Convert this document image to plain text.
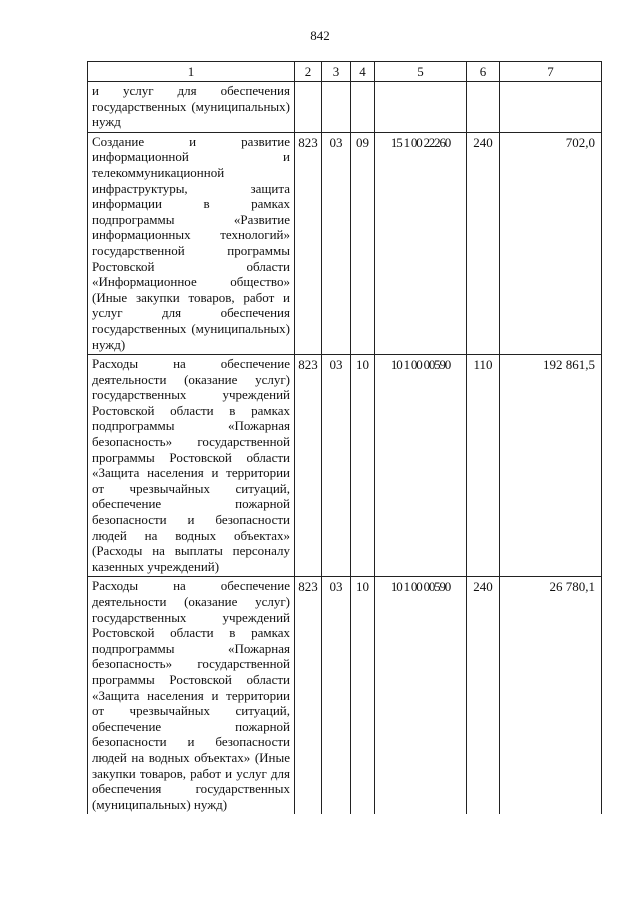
842
1	2	3	4	5	6	7
и услуг для обеспечения государственных (муниципальных) нужд						
Создание и развитие информационной и телекоммуникационной инфраструктуры, защита информации в рамках подпрограммы «Развитие информационных технологий» государственной программы Ростовской области «Информационное общество» (Иные закупки товаров, работ и услуг для обеспечения государственных (муниципальных) нужд)	823	03	09	15 1 00 22260	240	702,0
Расходы на обеспечение деятельности (оказание услуг) государственных учреждений Ростовской области в рамках подпрограммы «Пожарная безопасность» государственной программы Ростовской области «Защита населения и территории от чрезвычайных ситуаций, обеспечение пожарной безопасности и безопасности людей на водных объектах» (Расходы на выплаты персоналу казенных учреждений)	823	03	10	10 1 00 00590	110	192 861,5
Расходы на обеспечение деятельности (оказание услуг) государственных учреждений Ростовской области в рамках подпрограммы «Пожарная безопасность» государственной программы Ростовской области «Защита населения и территории от чрезвычайных ситуаций, обеспечение пожарной безопасности и безопасности людей на водных объектах» (Иные закупки товаров, работ и услуг для обеспечения государственных (муниципальных) нужд)	823	03	10	10 1 00 00590	240	26 780,1
